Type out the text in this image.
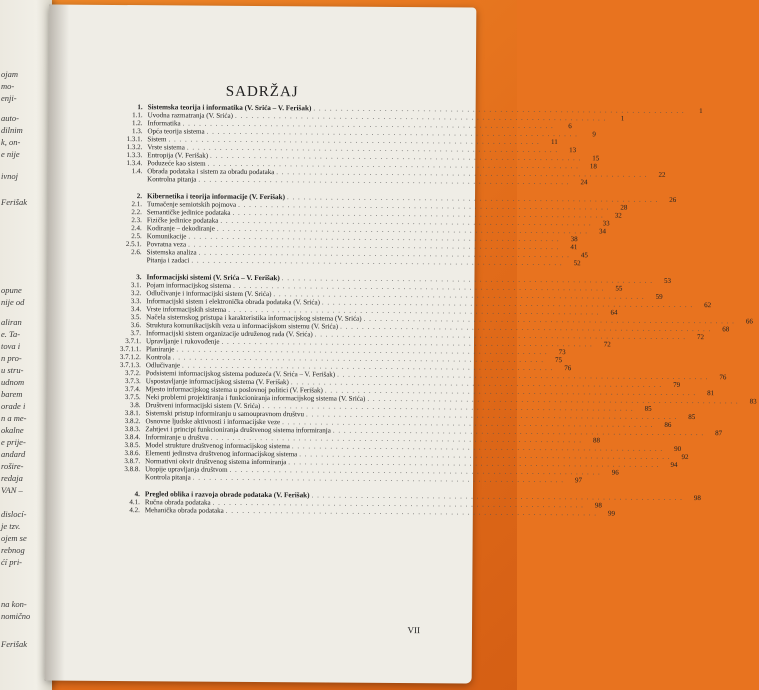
ojam
mo-
enji-
auto-
dilnim
k, on-
e nije
ivnoj
Ferišak
opune
nije od
aliran
e. Ta-
tova i
n pro-
u stru-
udnom
barem
orade i
n a me-
okalne
e prije-
andard
rošire-
redaja
VAN –
dislocí-
je tzv.
ojem se
rebnog
ćí pri-
na kon-
nomično
Ferišak
SADRŽAJ
1. Sistemska teorija i informatika (V. Srića – V. Ferišak) . . .	1
1.1. Uvodna razmatranja (V. Srića) . . .	1
1.2. Informatika . . .	6
1.3. Opća teorija sistema . . .	9
1.3.1. Sistem . . .	11
1.3.2. Vrste sistema . . .	13
1.3.3. Entropija (V. Ferišak) . . .	15
1.3.4. Poduzeće kao sistem . . .	18
1.4. Obrada podataka i sistem za obradu podataka . . .	22
Kontrolna pitanja . . .	24
2. Kibernetika i teorija informacije (V. Ferišak) . . .	26
2.1. Tumačenje semiotskih pojmova . . .	28
2.2. Semantičke jedinice podataka . . .	32
2.3. Fizičke jedinice podataka . . .	33
2.4. Kodiranje – dekodiranje . . .	34
2.5. Komunikacije . . .	38
2.5.1. Povratna veza . . .	41
2.6. Sistemska analiza . . .	45
Pitanja i zadaci . . .	52
3. Informacijski sistemi (V. Srića – V. Ferišak) . . .	53
3.1. Pojam informacijskog sistema . . .	55
3.2. Odlučivanje i informacijski sistem (V. Srića) . . .	59
3.3. Informacijski sistem i elektronička obrada podataka (V. Srića) . . .	62
3.4. Vrste informacijskih sistema . . .	64
3.5. Načela sistemskog pristupa i karakteristika informacijskog sistema (V. Srića) . . .	66
3.6. Struktura komunikacijskih veza u informacijskom sistemu (V. Srića) . . .	68
3.7. Informacijski sistem organizacije udruženog rada (V. Srića) . . .	72
3.7.1. Upravljanje i rukovođenje . . .	72
3.7.1.1. Planiranje . . .	73
3.7.1.2. Kontrola . . .	75
3.7.1.3. Odlučivanje . . .	76
3.7.2. Podsistemi informacijskog sistema poduzeća (V. Srića – V. Ferišak) . . .	76
3.7.3. Uspostavljanje informacijskog sistema (V. Ferišak) . . .	79
3.7.4. Mjesto informacijskog sistema u poslovnoj politici (V. Ferišak) . . .	81
3.7.5. Neki problemi projektiranja i funkcioniranja informacijskog sistema (V. Srića) . . .	83
3.8. Društveni informacijski sistem (V. Srića) . . .	85
3.8.1. Sistemski pristup informiranju u samoupravnom društvu . . .	85
3.8.2. Osnovne ljudske aktivnosti i informacijske veze . . .	86
3.8.3. Zahtjevi i principi funkcioniranja društvenog sistema informiranja . . .	87
3.8.4. Informiranje u društvu . . .	88
3.8.5. Model strukture društvenog informacijskog sistema . . .	90
3.8.6. Elementi jedinstva društvenog informacijskog sistema . . .	92
3.8.7. Normativni okvir društvenog sistema informiranja . . .	94
3.8.8. Utopije upravljanja društvom . . .	96
Kontrola pitanja . . .	97
4. Pregled oblika i razvoja obrade podataka (V. Ferišak) . . .	98
4.1. Ručna obrada podataka . . .	98
4.2. Mehanička obrada podataka . . .	99
VII
